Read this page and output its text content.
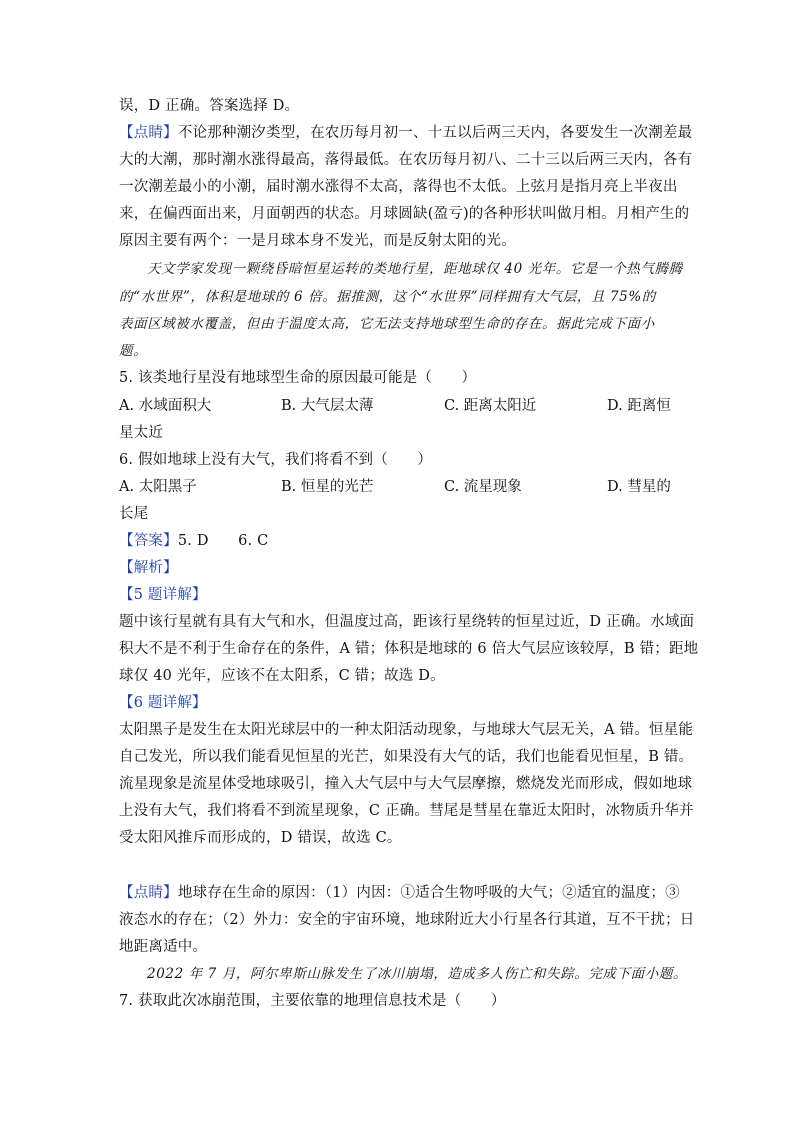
误，D 正确。答案选择 D。
【点睛】不论那种潮汐类型，在农历每月初一、十五以后两三天内，各要发生一次潮差最
大的大潮，那时潮水涨得最高，落得最低。在农历每月初八、二十三以后两三天内，各有
一次潮差最小的小潮，届时潮水涨得不太高，落得也不太低。上弦月是指月亮上半夜出
来，在偏西面出来，月面朝西的状态。月球圆缺(盈亏)的各种形状叫做月相。月相产生的
原因主要有两个：一是月球本身不发光，而是反射太阳的光。
天文学家发现一颗绕昏暗恒星运转的类地行星，距地球仅 40 光年。它是一个热气腾腾
的“水世界”，体积是地球的 6 倍。据推测，这个“水世界”同样拥有大气层，且 75%的
表面区域被水覆盖，但由于温度太高，它无法支持地球型生命的存在。据此完成下面小
题。
5. 该类地行星没有地球型生命的原因最可能是（　　）
A. 水域面积大	B. 大气层太薄	C. 距离太阳近	D. 距离恒
星太近
6. 假如地球上没有大气，我们将看不到（　　）
A. 太阳黑子	B. 恒星的光芒	C. 流星现象	D. 彗星的
长尾
【答案】5. D　　6. C
【解析】
【5 题详解】
题中该行星就有具有大气和水，但温度过高，距该行星绕转的恒星过近，D 正确。水域面
积大不是不利于生命存在的条件，A 错；体积是地球的 6 倍大气层应该较厚，B 错；距地
球仅 40 光年，应该不在太阳系，C 错；故选 D。
【6 题详解】
太阳黑子是发生在太阳光球层中的一种太阳活动现象，与地球大气层无关，A 错。恒星能
自己发光，所以我们能看见恒星的光芒，如果没有大气的话，我们也能看见恒星，B 错。
流星现象是流星体受地球吸引，撞入大气层中与大气层摩擦，燃烧发光而形成，假如地球
上没有大气，我们将看不到流星现象，C 正确。彗尾是彗星在靠近太阳时，冰物质升华并
受太阳风推斥而形成的，D 错误，故选 C。
【点睛】地球存在生命的原因：（1）内因：①适合生物呼吸的大气；②适宜的温度；③
液态水的存在；（2）外力：安全的宇宙环境，地球附近大小行星各行其道，互不干扰；日
地距离适中。
2022 年 7 月，阿尔卑斯山脉发生了冰川崩塌，造成多人伤亡和失踪。完成下面小题。
7. 获取此次冰崩范围，主要依靠的地理信息技术是（　　）
